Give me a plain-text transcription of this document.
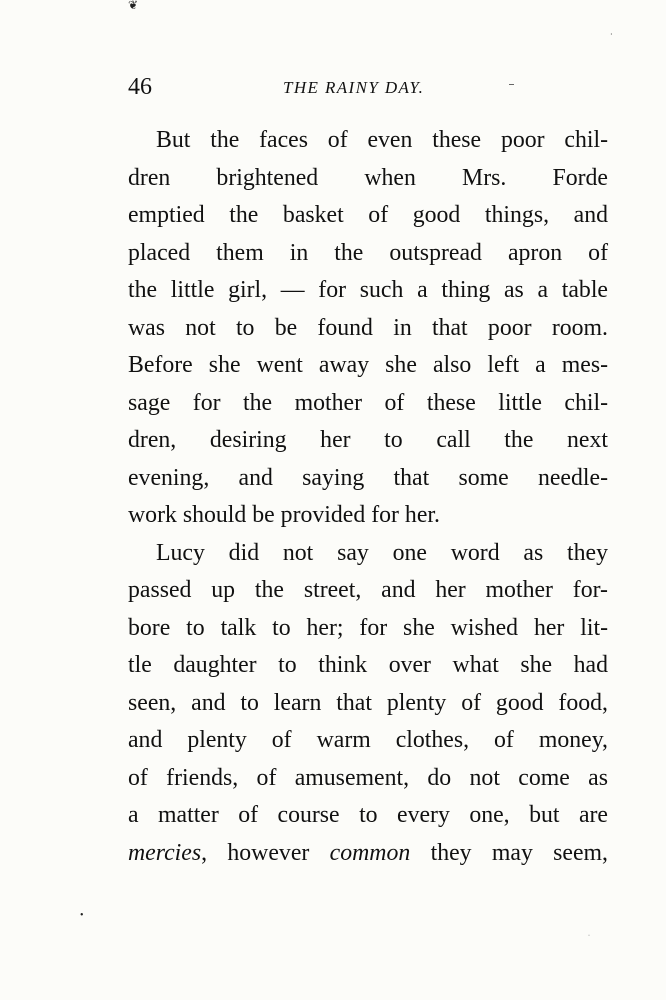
❦
·
46	THE RAINY DAY.
But the faces of even these poor chil-
dren brightened when Mrs. Forde
emptied the basket of good things, and
placed them in the outspread apron of
the little girl, — for such a thing as a table
was not to be found in that poor room.
Before she went away she also left a mes-
sage for the mother of these little chil-
dren, desiring her to call the next
evening, and saying that some needle-
work should be provided for her.
Lucy did not say one word as they
passed up the street, and her mother for-
bore to talk to her; for she wished her lit-
tle daughter to think over what she had
seen, and to learn that plenty of good food,
and plenty of warm clothes, of money,
of friends, of amusement, do not come as
a matter of course to every one, but are
mercies, however common they may seem,
•
·
